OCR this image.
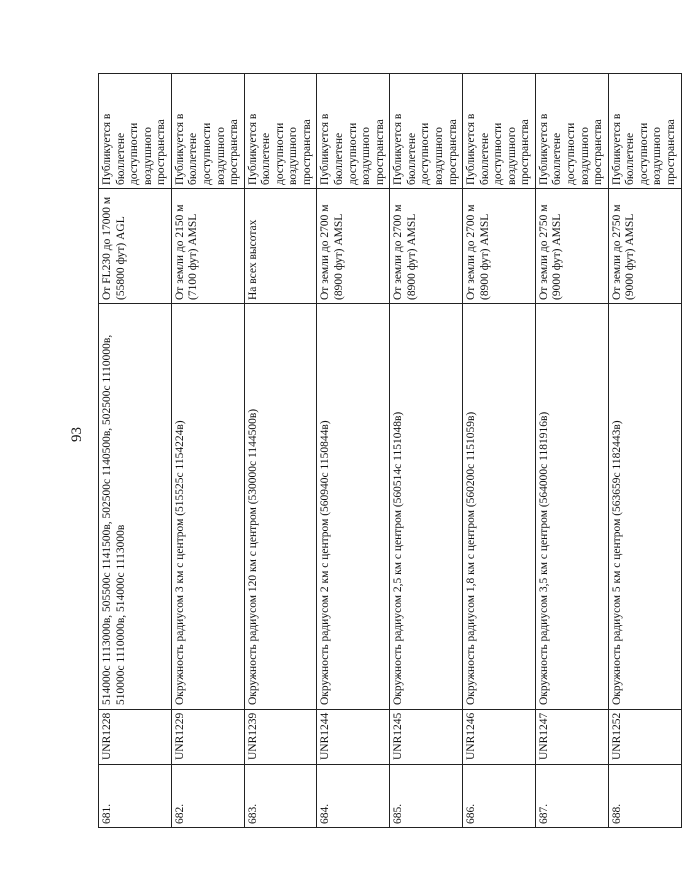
93
681.	UNR1228	514000с 1113000в, 505500с 1141500в, 502500с 1140500в, 502500с 1110000в, 510000с 1110000в, 514000с 1113000в	От FL230 до 17000 м (55800 фут) AGL	Публикуется в бюллетене доступности воздушного пространства
682.	UNR1229	Окружность радиусом 3 км с центром (515525с 1154224в)	От земли до 2150 м (7100 фут) AMSL	Публикуется в бюллетене доступности воздушного пространства
683.	UNR1239	Окружность радиусом 120 км с центром (530000с 1144500в)	На всех высотах	Публикуется в бюллетене доступности воздушного пространства
684.	UNR1244	Окружность радиусом 2 км с центром (560940с 1150844в)	От земли до 2700 м (8900 фут) AMSL	Публикуется в бюллетене доступности воздушного пространства
685.	UNR1245	Окружность радиусом 2,5 км с центром (560514с 1151048в)	От земли до 2700 м (8900 фут) AMSL	Публикуется в бюллетене доступности воздушного пространства
686.	UNR1246	Окружность радиусом 1,8 км с центром (560200с 1151059в)	От земли до 2700 м (8900 фут) AMSL	Публикуется в бюллетене доступности воздушного пространства
687.	UNR1247	Окружность радиусом 3,5 км с центром (564000с 1181916в)	От земли до 2750 м (9000 фут) AMSL	Публикуется в бюллетене доступности воздушного пространства
688.	UNR1252	Окружность радиусом 5 км с центром (563659с 1182443в)	От земли до 2750 м (9000 фут) AMSL	Публикуется в бюллетене доступности воздушного пространства
